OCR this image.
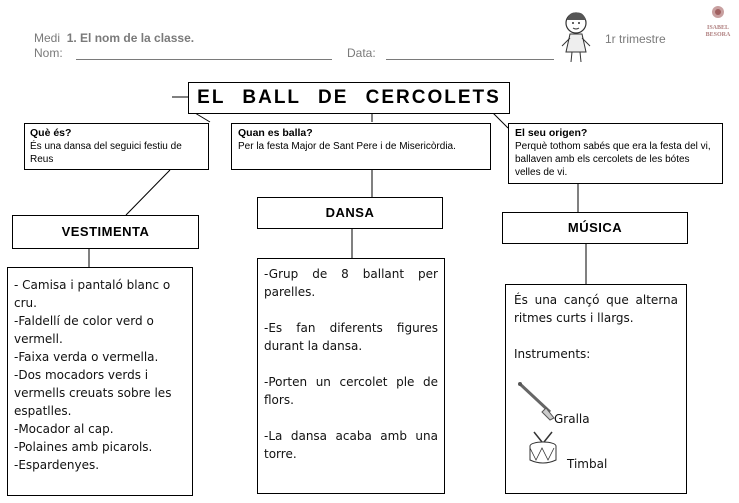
Medi 1. El nom de la classe.
Nom:	Data:
1r trimestre
ISABEL BESORA
EL BALL DE CERCOLETS
Què és?
És una dansa del seguici festiu de Reus
Quan es balla?
Per la festa Major de Sant Pere i de Misericòrdia.
El seu origen?
Perquè tothom sabés que era la festa del vi, ballaven amb els cercolets de les bótes velles de vi.
VESTIMENTA
DANSA
MÚSICA

- Camisa i pantaló blanc o cru.

-Faldellí de color verd o vermell.

-Faixa verda o vermella.

-Dos mocadors verds i vermells creuats sobre les espatlles.

-Mocador al cap.

-Polaines amb picarols.

-Espardenyes.

-Grup de 8 ballant per parelles.

-Es fan diferents figures durant la dansa.

-Porten un cercolet ple de flors.

-La dansa acaba amb una torre.

És una cançó que alterna ritmes curts i llargs.

Instruments:

Gralla
Timbal
